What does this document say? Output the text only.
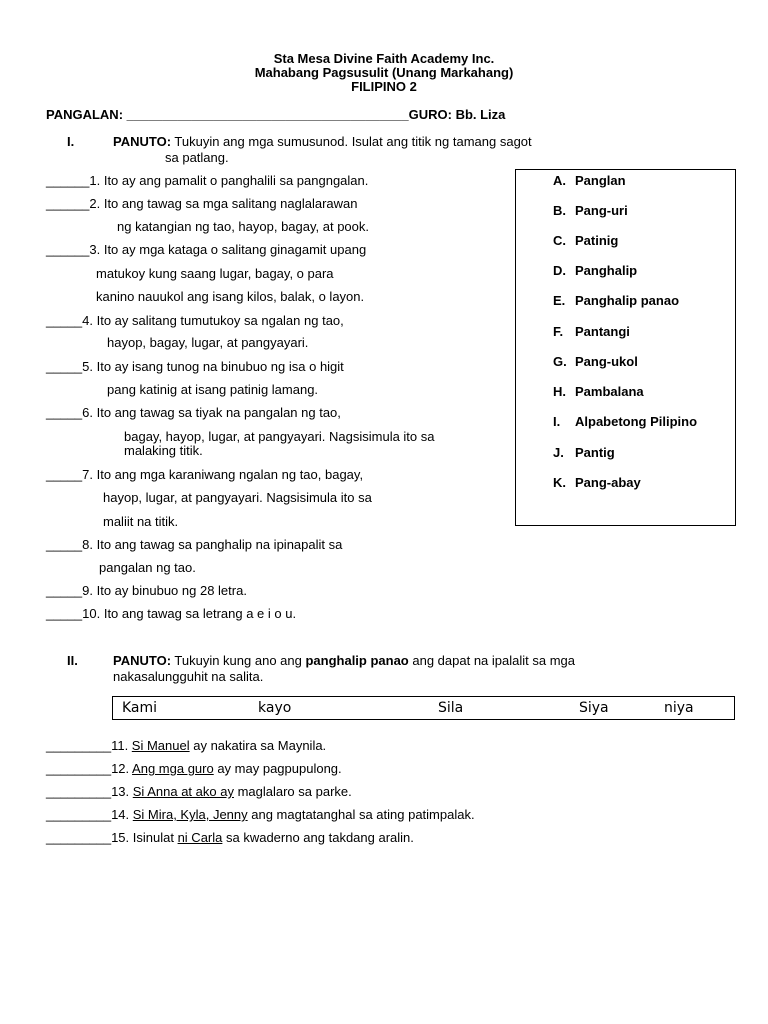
Sta Mesa Divine Faith Academy Inc.
Mahabang Pagsusulit (Unang Markahang)
FILIPINO 2
PANGALAN: _______________________________________GURO: Bb. Liza
I.	PANUTO: Tukuyin ang mga sumusunod. Isulat ang titik ng tamang sagot
sa patlang.
______1. Ito ay ang pamalit o panghalili sa pangngalan.
______2. Ito ang tawag sa mga salitang naglalarawan
ng katangian ng tao, hayop, bagay, at pook.
______3. Ito ay mga kataga o salitang ginagamit upang
matukoy kung saang lugar, bagay, o para
kanino nauukol ang isang kilos, balak, o layon.
_____4. Ito ay salitang tumutukoy sa ngalan ng tao,
hayop, bagay, lugar, at pangyayari.
_____5. Ito ay isang tunog na binubuo ng isa o higit
pang katinig at isang patinig lamang.
_____6. Ito ang tawag sa tiyak na pangalan ng tao,
bagay, hayop, lugar, at pangyayari. Nagsisimula ito sa
malaking titik.
_____7. Ito ang mga karaniwang ngalan ng tao, bagay,
hayop, lugar, at pangyayari. Nagsisimula ito sa
maliit na titik.
_____8. Ito ang tawag sa panghalip na ipinapalit sa
pangalan ng tao.
_____9. Ito ay binubuo ng 28 letra.
_____10. Ito ang tawag sa letrang a e i o u.
A. Panglan
B. Pang-uri
C. Patinig
D. Panghalip
E. Panghalip panao
F. Pantangi
G. Pang-ukol
H. Pambalana
I. Alpabetong Pilipino
J. Pantig
K. Pang-abay
II.	PANUTO: Tukuyin kung ano ang panghalip panao ang dapat na ipalalit sa mga
nakasalungguhit na salita.
Kami	kayo	Sila	Siya	niya
_________11. Si Manuel ay nakatira sa Maynila.
_________12. Ang mga guro ay may pagpupulong.
_________13. Si Anna at ako ay maglalaro sa parke.
_________14. Si Mira, Kyla, Jenny ang magtatanghal sa ating patimpalak.
_________15. Isinulat ni Carla sa kwaderno ang takdang aralin.
